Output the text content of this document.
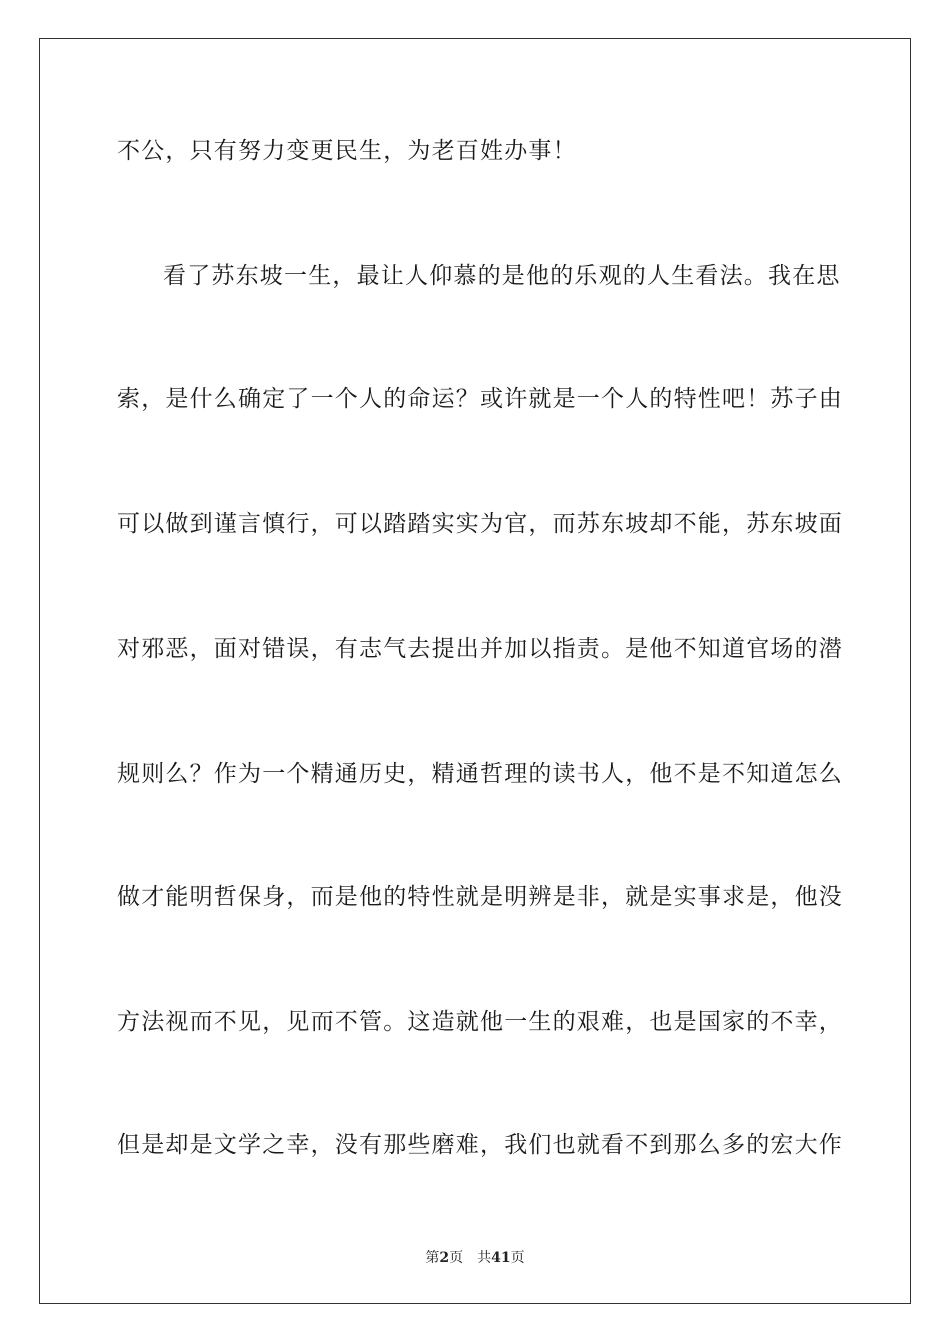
不公，只有努力变更民生，为老百姓办事！
看了苏东坡一生，最让人仰慕的是他的乐观的人生看法。我在思
索，是什么确定了一个人的命运？或许就是一个人的特性吧！苏子由
可以做到谨言慎行，可以踏踏实实为官，而苏东坡却不能，苏东坡面
对邪恶，面对错误，有志气去提出并加以指责。是他不知道官场的潜
规则么？作为一个精通历史，精通哲理的读书人，他不是不知道怎么
做才能明哲保身，而是他的特性就是明辨是非，就是实事求是，他没
方法视而不见，见而不管。这造就他一生的艰难，也是国家的不幸，
但是却是文学之幸，没有那些磨难，我们也就看不到那么多的宏大作
第2页 共41页
